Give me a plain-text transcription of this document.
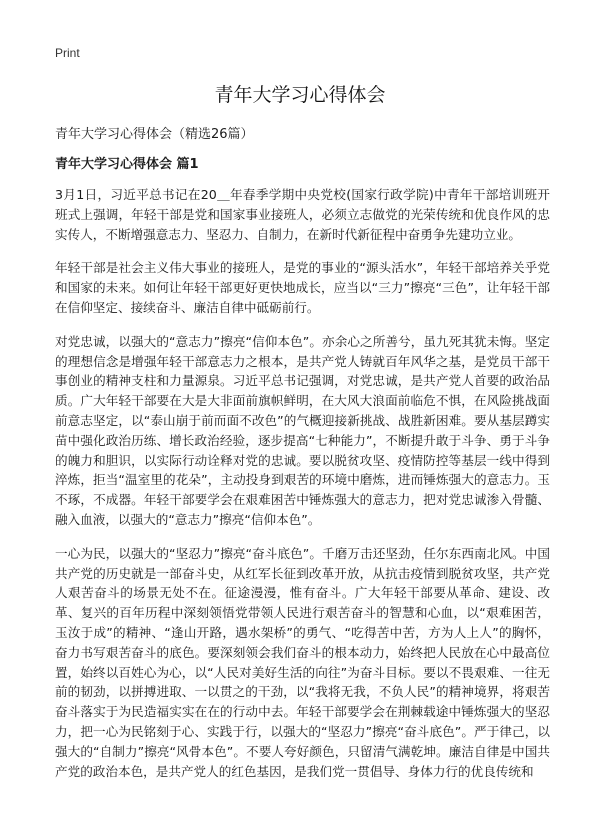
Print
青年大学习心得体会

青年大学习心得体会（精选26篇）

青年大学习心得体会 篇1

3月1日，习近平总书记在20＿年春季学期中央党校(国家行政学院)中青年干部培训班开班式上强调，年轻干部是党和国家事业接班人，必须立志做党的光荣传统和优良作风的忠实传人，不断增强意志力、坚忍力、自制力，在新时代新征程中奋勇争先建功立业。

年轻干部是社会主义伟大事业的接班人，是党的事业的“源头活水”，年轻干部培养关乎党和国家的未来。如何让年轻干部更好更快地成长，应当以“三力”擦亮“三色”，让年轻干部在信仰坚定、接续奋斗、廉洁自律中砥砺前行。

对党忠诚，以强大的“意志力”擦亮“信仰本色”。亦余心之所善兮，虽九死其犹未悔。坚定的理想信念是增强年轻干部意志力之根本，是共产党人铸就百年风华之基，是党员干部干事创业的精神支柱和力量源泉。习近平总书记强调，对党忠诚，是共产党人首要的政治品质。广大年轻干部要在大是大非面前旗帜鲜明，在大风大浪面前临危不惧，在风险挑战面前意志坚定，以“泰山崩于前而面不改色”的气概迎接新挑战、战胜新困难。要从基层蹲实苗中强化政治历练、增长政治经验，逐步提高“七种能力”，不断提升敢于斗争、勇于斗争的魄力和胆识，以实际行动诠释对党的忠诚。要以脱贫攻坚、疫情防控等基层一线中得到淬炼，拒当“温室里的花朵”，主动投身到艰苦的环境中磨炼，进而锤炼强大的意志力。玉不琢，不成器。年轻干部要学会在艰难困苦中锤炼强大的意志力，把对党忠诚渗入骨髓、融入血液，以强大的“意志力”擦亮“信仰本色”。

一心为民，以强大的“坚忍力”擦亮“奋斗底色”。千磨万击还坚劲，任尔东西南北风。中国共产党的历史就是一部奋斗史，从红军长征到改革开放，从抗击疫情到脱贫攻坚，共产党人艰苦奋斗的场景无处不在。征途漫漫，惟有奋斗。广大年轻干部要从革命、建设、改革、复兴的百年历程中深刻领悟党带领人民进行艰苦奋斗的智慧和心血，以“艰难困苦，玉汝于成”的精神、“逢山开路，遇水架桥”的勇气、“吃得苦中苦，方为人上人”的胸怀，奋力书写艰苦奋斗的底色。要深刻领会我们奋斗的根本动力，始终把人民放在心中最高位置，始终以百姓心为心，以“人民对美好生活的向往”为奋斗目标。要以不畏艰难、一往无前的韧劲，以拼搏进取、一以贯之的干劲，以“我将无我，不负人民”的精神境界，将艰苦奋斗落实于为民造福实实在在的行动中去。年轻干部要学会在荆棘载途中锤炼强大的坚忍力，把一心为民铭刻于心、实践于行，以强大的“坚忍力”擦亮“奋斗底色”。严于律己，以强大的“自制力”擦亮“风骨本色”。不要人夸好颜色，只留清气满乾坤。廉洁自律是中国共产党的政治本色，是共产党人的红色基因，是我们党一贯倡导、身体力行的优良传统和
